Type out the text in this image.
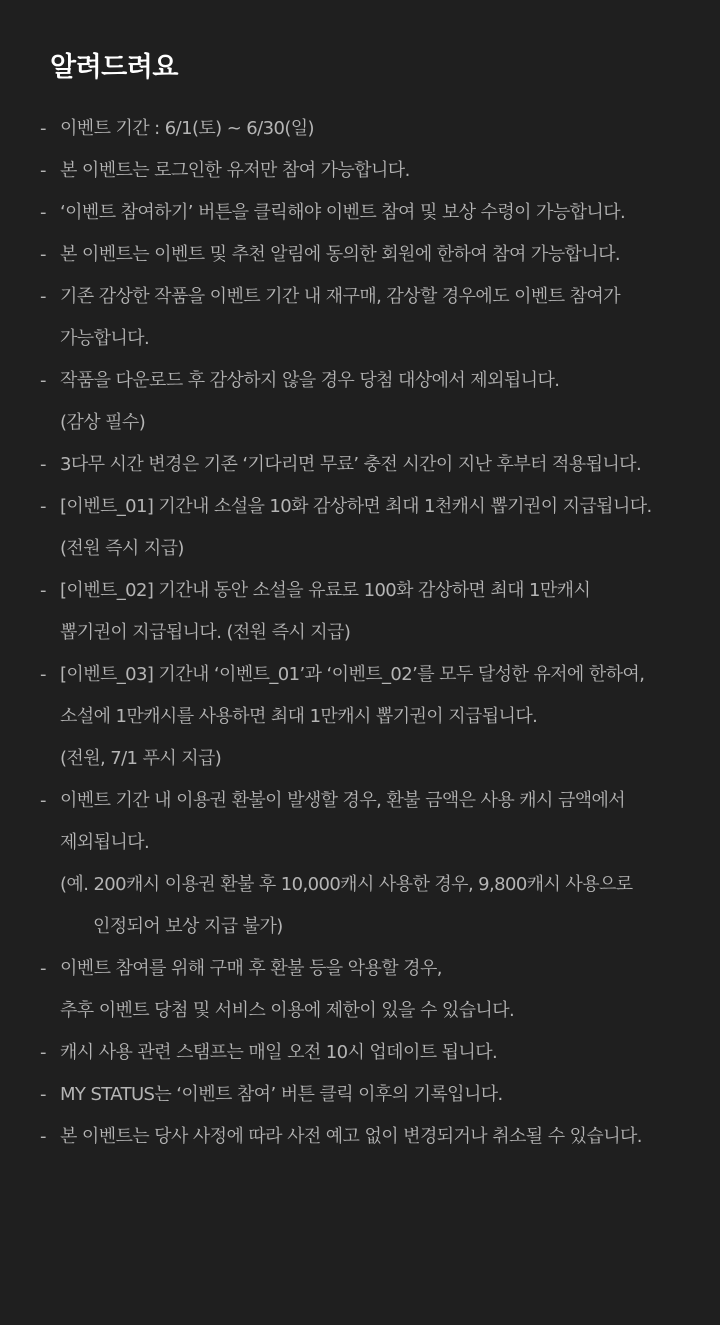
알려드려요
- 이벤트 기간 : 6/1(토) ~ 6/30(일)
- 본 이벤트는 로그인한 유저만 참여 가능합니다.
- ‘이벤트 참여하기’ 버튼을 클릭해야 이벤트 참여 및 보상 수령이 가능합니다.
- 본 이벤트는 이벤트 및 추천 알림에 동의한 회원에 한하여 참여 가능합니다.
- 기존 감상한 작품을 이벤트 기간 내 재구매, 감상할 경우에도 이벤트 참여가
가능합니다.
- 작품을 다운로드 후 감상하지 않을 경우 당첨 대상에서 제외됩니다.
(감상 필수)
- 3다무 시간 변경은 기존 ‘기다리면 무료’ 충전 시간이 지난 후부터 적용됩니다.
- [이벤트_01] 기간내 소설을 10화 감상하면 최대 1천캐시 뽑기권이 지급됩니다.
(전원 즉시 지급)
- [이벤트_02] 기간내 동안 소설을 유료로 100화 감상하면 최대 1만캐시
뽑기권이 지급됩니다. (전원 즉시 지급)
- [이벤트_03] 기간내 ‘이벤트_01’과 ‘이벤트_02’를 모두 달성한 유저에 한하여,
소설에 1만캐시를 사용하면 최대 1만캐시 뽑기권이 지급됩니다.
(전원, 7/1 푸시 지급)
- 이벤트 기간 내 이용권 환불이 발생할 경우, 환불 금액은 사용 캐시 금액에서
제외됩니다.
(예. 200캐시 이용권 환불 후 10,000캐시 사용한 경우, 9,800캐시 사용으로
인정되어 보상 지급 불가)
- 이벤트 참여를 위해 구매 후 환불 등을 악용할 경우,
추후 이벤트 당첨 및 서비스 이용에 제한이 있을 수 있습니다.
- 캐시 사용 관련 스탬프는 매일 오전 10시 업데이트 됩니다.
- MY STATUS는 ‘이벤트 참여’ 버튼 클릭 이후의 기록입니다.
- 본 이벤트는 당사 사정에 따라 사전 예고 없이 변경되거나 취소될 수 있습니다.
